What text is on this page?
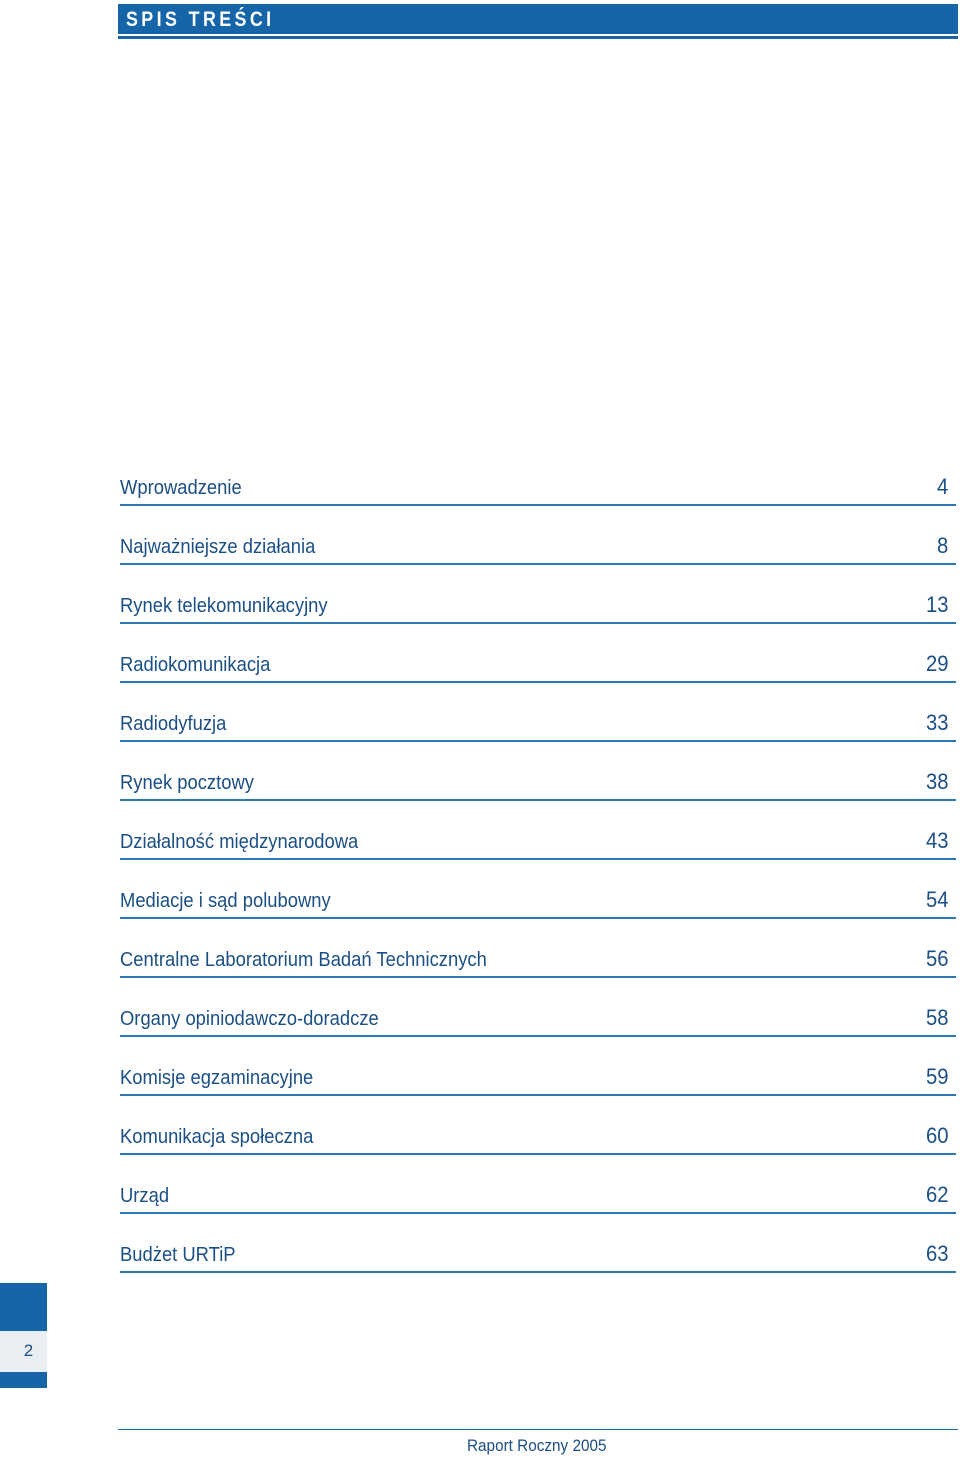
SPIS TREŚCI
Wprowadzenie	4
Najważniejsze działania	8
Rynek telekomunikacyjny	13
Radiokomunikacja	29
Radiodyfuzja	33
Rynek pocztowy	38
Działalność międzynarodowa	43
Mediacje i sąd polubowny	54
Centralne Laboratorium Badań Technicznych	56
Organy opiniodawczo-doradcze	58
Komisje egzaminacyjne	59
Komunikacja społeczna	60
Urząd	62
Budżet URTiP	63
2
Raport Roczny 2005
